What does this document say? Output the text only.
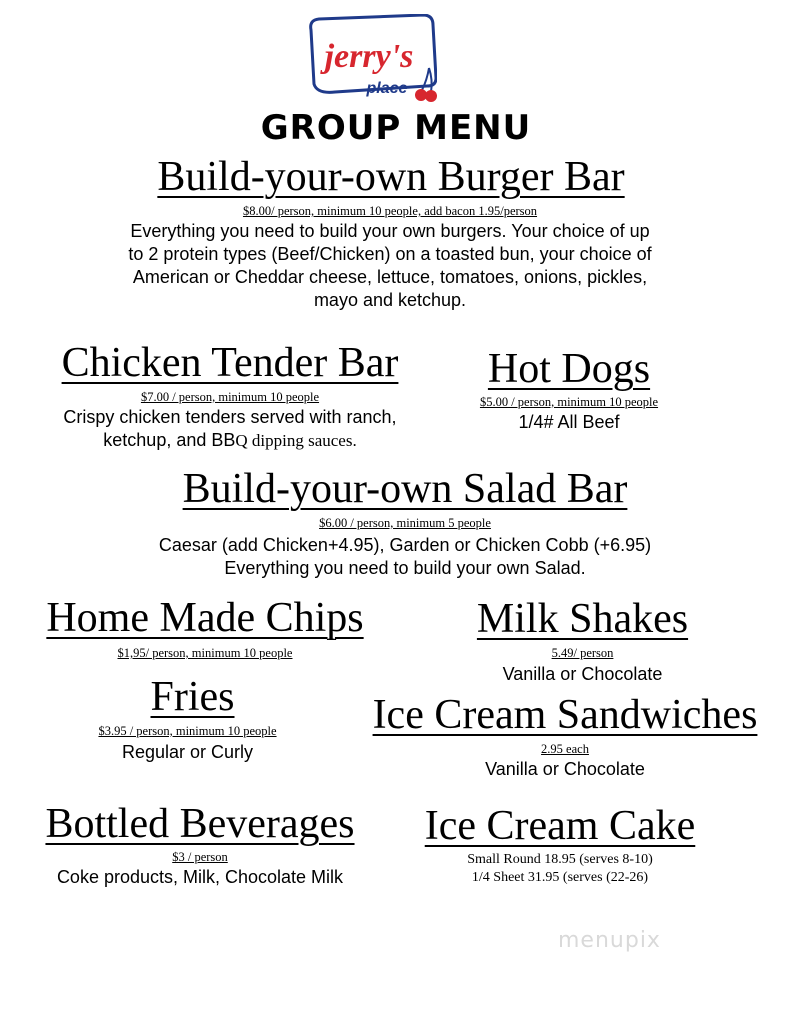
jerry's
place
GROUP MENU
Build-your-own Burger Bar
$8.00/ person, minimum 10 people, add bacon 1.95/person
Everything you need to build your own burgers. Your choice of up
to 2 protein types (Beef/Chicken) on a toasted bun, your choice of
American or Cheddar cheese, lettuce, tomatoes, onions, pickles,
mayo and ketchup.
Chicken Tender Bar
$7.00 / person, minimum 10 people
Crispy chicken tenders served with ranch,
ketchup, and BBQ dipping sauces.
Hot Dogs
$5.00 / person, minimum 10 people
1/4# All Beef
Build-your-own Salad Bar
$6.00 / person, minimum 5 people
Caesar (add Chicken+4.95), Garden or Chicken Cobb (+6.95)
Everything you need to build your own Salad.
Home Made Chips
$1,95/ person, minimum 10 people
Milk Shakes
5.49/ person
Vanilla or Chocolate
Fries
$3.95 / person, minimum 10 people
Regular or Curly
Ice Cream Sandwiches
2.95 each
Vanilla or Chocolate
Bottled Beverages
$3 / person
Coke products, Milk, Chocolate Milk
Ice Cream Cake
Small Round 18.95 (serves 8-10)
1/4 Sheet 31.95 (serves (22-26)
menupix
